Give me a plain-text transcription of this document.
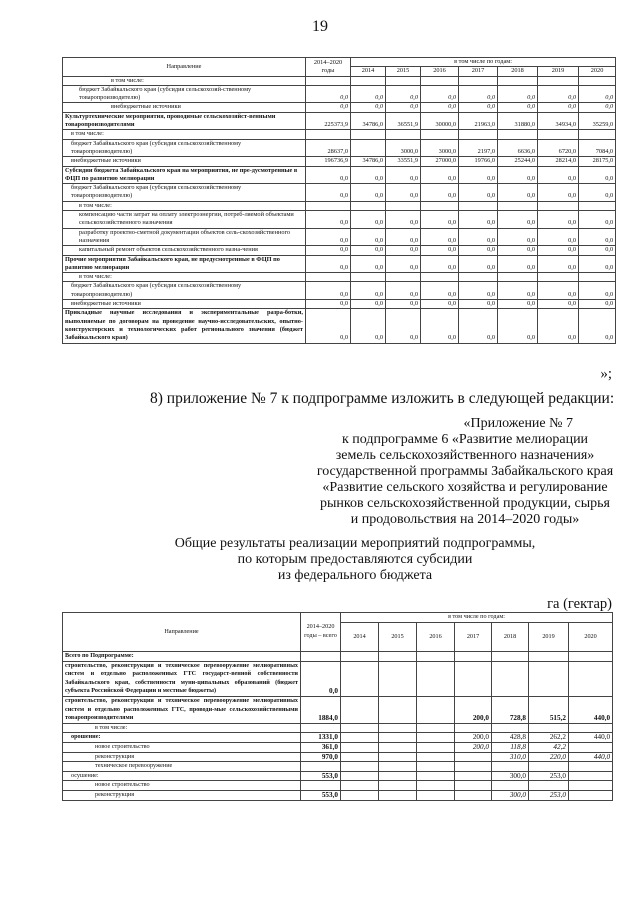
19
Направление	2014–2020 годы	в том числе по годам:						
		2014	2015	2016	2017	2018	2019	2020
в том числе:								
бюджет Забайкальского края (субсидия сельскохозяй-ственному товаропроизводителю)	0,0	0,0	0,0	0,0	0,0	0,0	0,0	0,0
внебюджетные источники	0,0	0,0	0,0	0,0	0,0	0,0	0,0	0,0
Культуртехнические мероприятия, проводимые сельскохозяйст-венными товаропроизводителями	225373,9	34786,0	36551,9	30000,0	21963,0	31880,0	34934,0	35259,0
в том числе:								
бюджет Забайкальского края (субсидия сельскохозяйственному товаропроизводителю)	28637,0		3000,0	3000,0	2197,0	6636,0	6720,0	7084,0
внебюджетные источники	196736,9	34786,0	33551,9	27000,0	19766,0	25244,0	28214,0	28175,0
Субсидии бюджета Забайкальского края на мероприятия, не пре-дусмотренные в ФЦП по развитию мелиорации	0,0	0,0	0,0	0,0	0,0	0,0	0,0	0,0
бюджет Забайкальского края (субсидия сельскохозяйственному товаропроизводителю)	0,0	0,0	0,0	0,0	0,0	0,0	0,0	0,0
в том числе:								
компенсацию части затрат на оплату электроэнергии, потреб-ляемой объектами сельскохозяйственного назначения	0,0	0,0	0,0	0,0	0,0	0,0	0,0	0,0
разработку проектно-сметной документации объектов сель-скохозяйственного назначения	0,0	0,0	0,0	0,0	0,0	0,0	0,0	0,0
капитальный ремонт объектов сельскохозяйственного назна-чения	0,0	0,0	0,0	0,0	0,0	0,0	0,0	0,0
Прочие мероприятия Забайкальского края, не предусмотренные в ФЦП по развитию мелиорации	0,0	0,0	0,0	0,0	0,0	0,0	0,0	0,0
в том числе:								
бюджет Забайкальского края (субсидия сельскохозяйственному товаропроизводителю)	0,0	0,0	0,0	0,0	0,0	0,0	0,0	0,0
внебюджетные источники	0,0	0,0	0,0	0,0	0,0	0,0	0,0	0,0
Прикладные научные исследования и экспериментальные разра-ботки, выполняемые по договорам на проведение научно-исследовательских, опытно-конструкторских и технологических работ регионального значения (бюджет Забайкальского края)	0,0	0,0	0,0	0,0	0,0	0,0	0,0	0,0
»;
8) приложение № 7 к подпрограмме изложить в следующей редакции:
«Приложение № 7
к подпрограмме 6 «Развитие мелиорации
земель сельскохозяйственного назначения»
государственной программы Забайкальского края
«Развитие сельского хозяйства и регулирование
рынков сельскохозяйственной продукции, сырья
и продовольствия на 2014–2020 годы»
Общие результаты реализации мероприятий подпрограммы,
по которым предоставляются субсидии
из федерального бюджета
га (гектар)
Направление	2014–2020 годы – всего	в том числе по годам:						
		2014	2015	2016	2017	2018	2019	2020
Всего по Подпрограмме:								
строительство, реконструкция и техническое перевооружение мелиоративных систем и отдельно расположенных ГТС государст-венной собственности Забайкальского края, собственности муни-ципальных образований (бюджет субъекта Российской Федерации и местные бюджеты)	0,0							
строительство, реконструкция и техническое перевооружение мелиоративных систем и отдельно расположенных ГТС, проводи-мые сельскохозяйственными товаропроизводителями	1884,0				200,0	728,8	515,2	440,0
в том числе:								
орошение:	1331,0				200,0	428,8	262,2	440,0
новое строительство	361,0				200,0	118,8	42,2	
реконструкция	970,0					310,0	220,0	440,0
техническое перевооружение								
осушение:	553,0					300,0	253,0	
новое строительство								
реконструкция	553,0					300,0	253,0	
